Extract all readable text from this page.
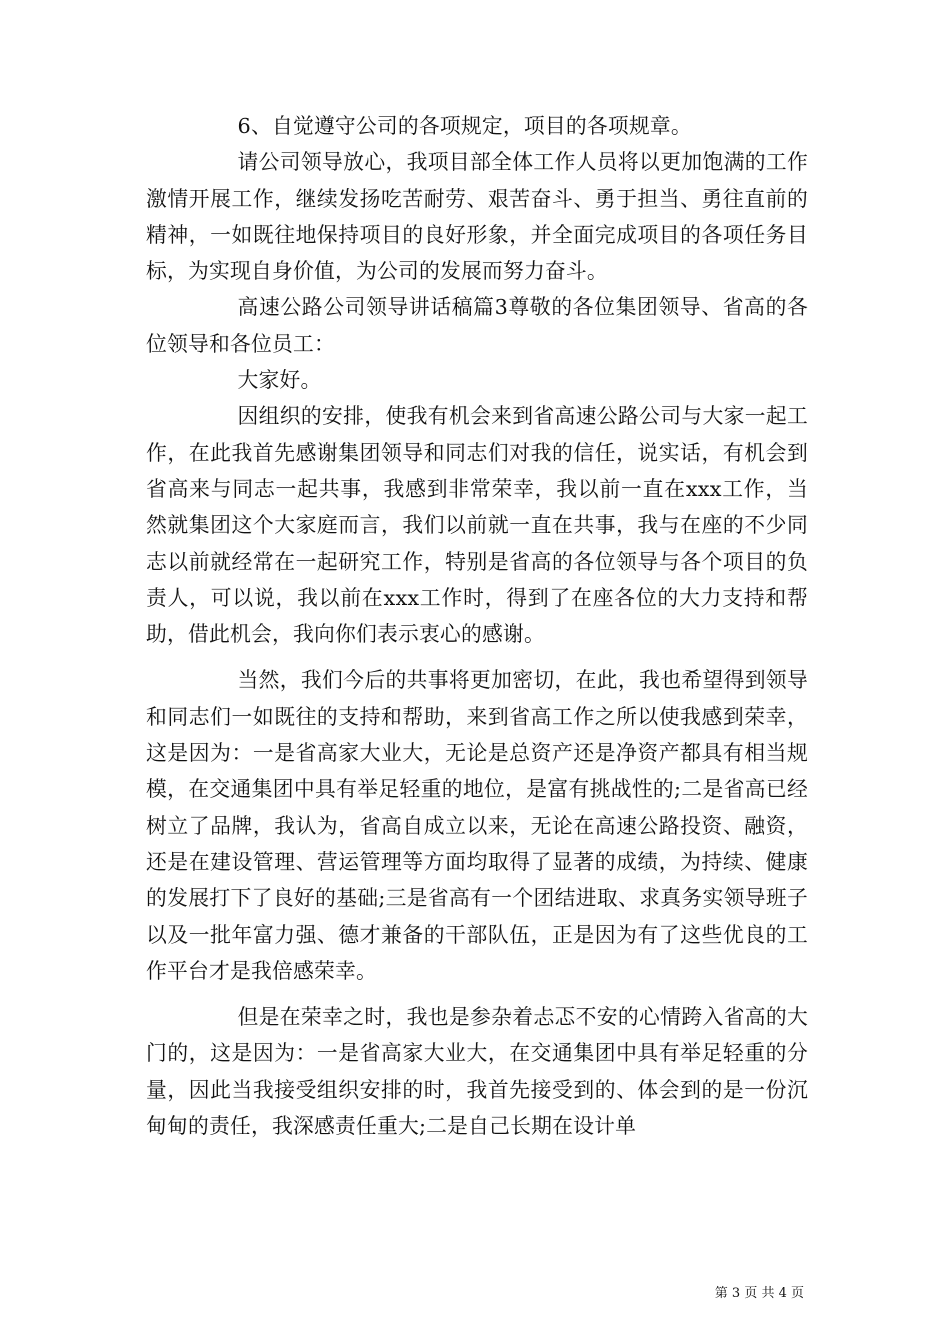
6、自觉遵守公司的各项规定，项目的各项规章。

请公司领导放心，我项目部全体工作人员将以更加饱满的工作激情开展工作，继续发扬吃苦耐劳、艰苦奋斗、勇于担当、勇往直前的精神，一如既往地保持项目的良好形象，并全面完成项目的各项任务目标，为实现自身价值，为公司的发展而努力奋斗。

高速公路公司领导讲话稿篇3尊敬的各位集团领导、省高的各位领导和各位员工：

大家好。

因组织的安排，使我有机会来到省高速公路公司与大家一起工作，在此我首先感谢集团领导和同志们对我的信任，说实话，有机会到省高来与同志一起共事，我感到非常荣幸，我以前一直在xxx工作，当然就集团这个大家庭而言，我们以前就一直在共事，我与在座的不少同志以前就经常在一起研究工作，特别是省高的各位领导与各个项目的负责人，可以说，我以前在xxx工作时，得到了在座各位的大力支持和帮助，借此机会，我向你们表示衷心的感谢。

当然，我们今后的共事将更加密切，在此，我也希望得到领导和同志们一如既往的支持和帮助，来到省高工作之所以使我感到荣幸，这是因为：一是省高家大业大，无论是总资产还是净资产都具有相当规模，在交通集团中具有举足轻重的地位，是富有挑战性的;二是省高已经树立了品牌，我认为，省高自成立以来，无论在高速公路投资、融资，还是在建设管理、营运管理等方面均取得了显著的成绩，为持续、健康的发展打下了良好的基础;三是省高有一个团结进取、求真务实领导班子以及一批年富力强、德才兼备的干部队伍，正是因为有了这些优良的工作平台才是我倍感荣幸。

但是在荣幸之时，我也是参杂着忐忑不安的心情跨入省高的大门的，这是因为：一是省高家大业大，在交通集团中具有举足轻重的分量，因此当我接受组织安排的时，我首先接受到的、体会到的是一份沉甸甸的责任，我深感责任重大;二是自己长期在设计单

第 3 页 共 4 页
